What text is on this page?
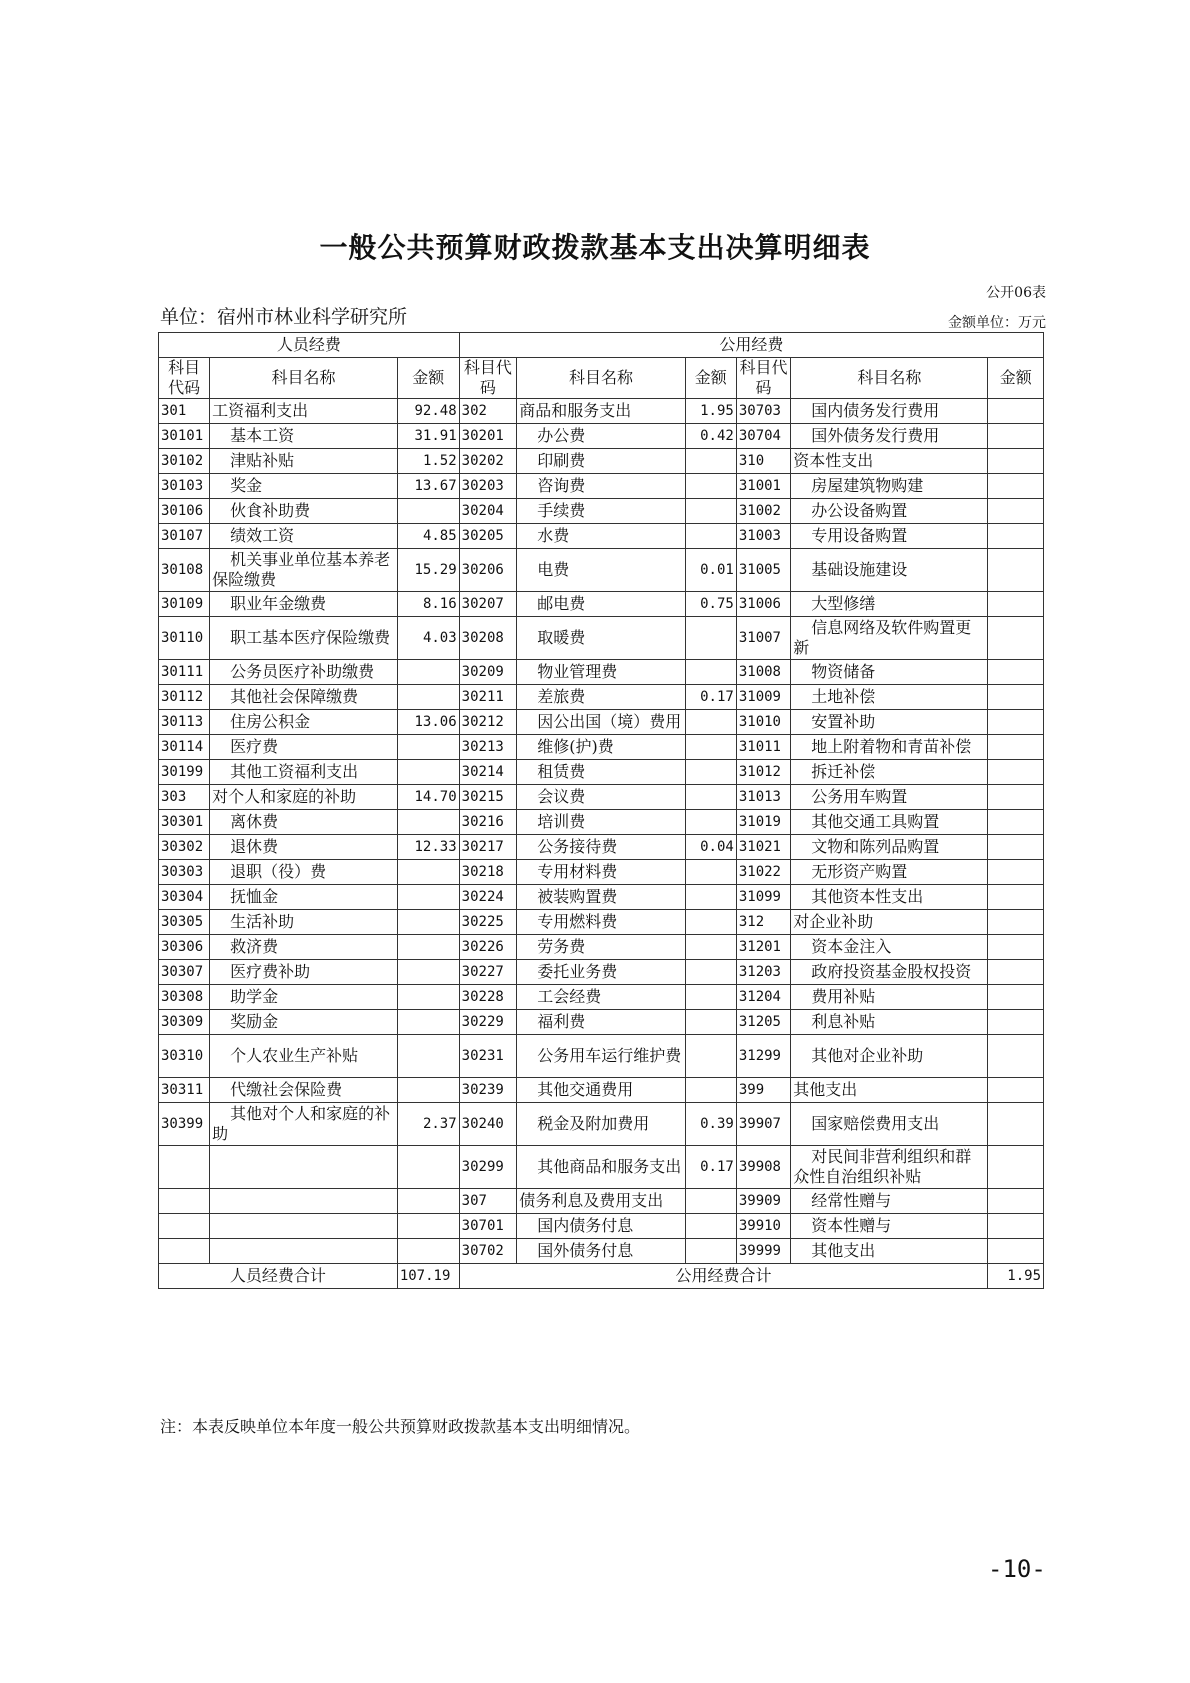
一般公共预算财政拨款基本支出决算明细表
公开06表
单位：宿州市林业科学研究所	金额单位：万元
人员经费			公用经费					
科目代码	科目名称	金额	科目代码	科目名称	金额	科目代码	科目名称	金额
301	工资福利支出	92.48	302	商品和服务支出	1.95	30703	国内债务发行费用	
30101	基本工资	31.91	30201	办公费	0.42	30704	国外债务发行费用	
30102	津贴补贴	1.52	30202	印刷费		310	资本性支出	
30103	奖金	13.67	30203	咨询费		31001	房屋建筑物购建	
30106	伙食补助费		30204	手续费		31002	办公设备购置	
30107	绩效工资	4.85	30205	水费		31003	专用设备购置	
30108	机关事业单位基本养老保险缴费	15.29	30206	电费	0.01	31005	基础设施建设	
30109	职业年金缴费	8.16	30207	邮电费	0.75	31006	大型修缮	
30110	职工基本医疗保险缴费	4.03	30208	取暖费		31007	信息网络及软件购置更新	
30111	公务员医疗补助缴费		30209	物业管理费		31008	物资储备	
30112	其他社会保障缴费		30211	差旅费	0.17	31009	土地补偿	
30113	住房公积金	13.06	30212	因公出国（境）费用		31010	安置补助	
30114	医疗费		30213	维修(护)费		31011	地上附着物和青苗补偿	
30199	其他工资福利支出		30214	租赁费		31012	拆迁补偿	
303	对个人和家庭的补助	14.70	30215	会议费		31013	公务用车购置	
30301	离休费		30216	培训费		31019	其他交通工具购置	
30302	退休费	12.33	30217	公务接待费	0.04	31021	文物和陈列品购置	
30303	退职（役）费		30218	专用材料费		31022	无形资产购置	
30304	抚恤金		30224	被装购置费		31099	其他资本性支出	
30305	生活补助		30225	专用燃料费		312	对企业补助	
30306	救济费		30226	劳务费		31201	资本金注入	
30307	医疗费补助		30227	委托业务费		31203	政府投资基金股权投资	
30308	助学金		30228	工会经费		31204	费用补贴	
30309	奖励金		30229	福利费		31205	利息补贴	
30310	个人农业生产补贴		30231	公务用车运行维护费		31299	其他对企业补助	
30311	代缴社会保险费		30239	其他交通费用		399	其他支出	
30399	其他对个人和家庭的补助	2.37	30240	税金及附加费用	0.39	39907	国家赔偿费用支出	
			30299	其他商品和服务支出	0.17	39908	对民间非营利组织和群众性自治组织补贴	
			307	债务利息及费用支出		39909	经常性赠与	
			30701	国内债务付息		39910	资本性赠与	
			30702	国外债务付息		39999	其他支出	
人员经费合计		107.19	公用经费合计					1.95
注：本表反映单位本年度一般公共预算财政拨款基本支出明细情况。
-10-
